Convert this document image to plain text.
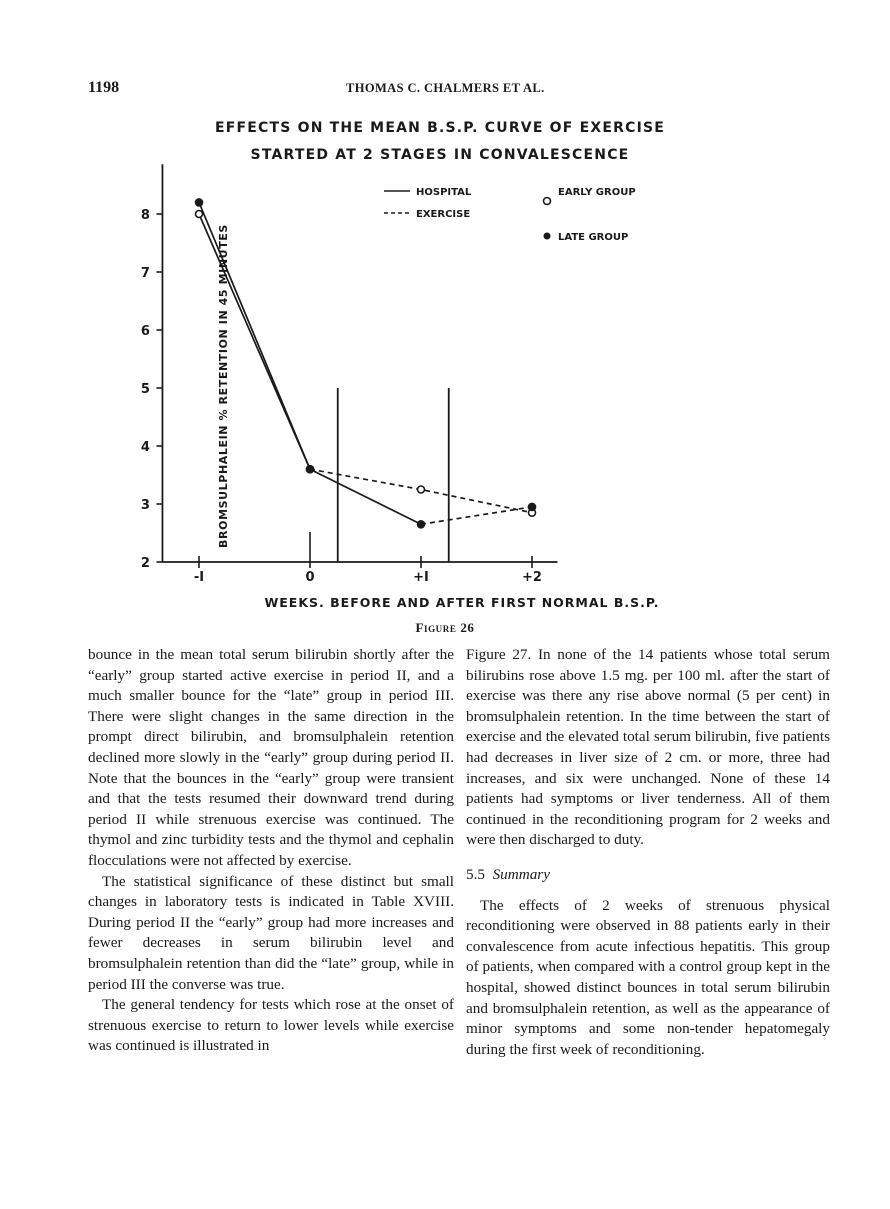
1198	THOMAS C. CHALMERS ET AL.
EFFECTS ON THE MEAN B.S.P. CURVE OF EXERCISE
STARTED AT 2 STAGES IN CONVALESCENCE
2
3
4
5
6
7
8
-I	0	+I	+2
HOSPITAL
EXERCISE
EARLY GROUP
LATE GROUP
BROMSULPHALEIN % RETENTION IN 45 MINUTES
WEEKS. BEFORE AND AFTER FIRST NORMAL B.S.P.
Figure 26

bounce in the mean total serum bilirubin shortly after the “early” group started active exercise in period II, and a much smaller bounce for the “late” group in period III. There were slight changes in the same direction in the prompt direct bilirubin, and bromsulphalein retention declined more slowly in the “early” group during period II. Note that the bounces in the “early” group were transient and that the tests resumed their downward trend during period II while strenuous exercise was continued. The thymol and zinc turbidity tests and the thymol and cephalin flocculations were not affected by exercise.

The statistical significance of these distinct but small changes in laboratory tests is indicated in Table XVIII. During period II the “early” group had more increases and fewer decreases in serum bilirubin level and bromsulphalein retention than did the “late” group, while in period III the converse was true.

The general tendency for tests which rose at the onset of strenuous exercise to return to lower levels while exercise was continued is illustrated in

Figure 27. In none of the 14 patients whose total serum bilirubins rose above 1.5 mg. per 100 ml. after the start of exercise was there any rise above normal (5 per cent) in bromsulphalein retention. In the time between the start of exercise and the elevated total serum bilirubin, five patients had decreases in liver size of 2 cm. or more, three had increases, and six were unchanged. None of these 14 patients had symptoms or liver tenderness. All of them continued in the reconditioning program for 2 weeks and were then discharged to duty.

5.5 Summary

The effects of 2 weeks of strenuous physical reconditioning were observed in 88 patients early in their convalescence from acute infectious hepatitis. This group of patients, when compared with a control group kept in the hospital, showed distinct bounces in total serum bilirubin and bromsulphalein retention, as well as the appearance of minor symptoms and some non-tender hepatomegaly during the first week of reconditioning.
